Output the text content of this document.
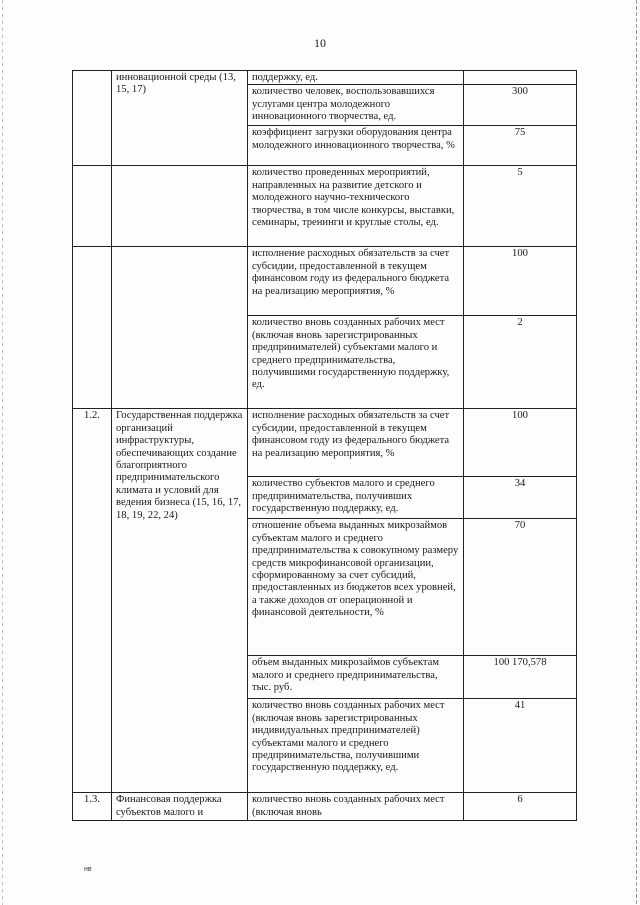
10
	инновационной среды (13, 15, 17)	поддержку, ед.	
		количество человек, воспользовавшихся услугами центра молодежного инновационного творчества, ед.	300
		коэффициент загрузки оборудования центра молодежного инновационного творчества, %	75
		количество проведенных мероприятий, направленных на развитие детского и молодежного научно-технического творчества, в том числе конкурсы, выставки, семинары, тренинги и круглые столы, ед.	5
		исполнение расходных обязательств за счет субсидии, предоставленной в текущем финансовом году из федерального бюджета на реализацию мероприятия, %	100
		количество вновь созданных рабочих мест (включая вновь зарегистрированных предпринимателей) субъектами малого и среднего предпринимательства, получившими государственную поддержку, ед.	2
1.2.	Государственная поддержка организаций инфраструктуры, обеспечивающих создание благоприятного предпринимательского климата и условий для ведения бизнеса (15, 16, 17, 18, 19, 22, 24)	исполнение расходных обязательств за счет субсидии, предоставленной в текущем финансовом году из федерального бюджета на реализацию мероприятия, %	100
		количество субъектов малого и среднего предпринимательства, получивших государственную поддержку, ед.	34
		отношение объема выданных микрозаймов субъектам малого и среднего предпринимательства к совокупному размеру средств микрофинансовой организации, сформированному за счет субсидий, предоставленных из бюджетов всех уровней, а также доходов от операционной и финансовой деятельности, %	70
		объем выданных микрозаймов субъектам малого и среднего предпринимательства, тыс. руб.	100 170,578
		количество вновь созданных рабочих мест (включая вновь зарегистрированных индивидуальных предпринимателей) субъектами малого и среднего предпринимательства, получившими государственную поддержку, ед.	41
1.3.	Финансовая поддержка субъектов малого и	количество вновь созданных рабочих мест (включая вновь	6
нв
